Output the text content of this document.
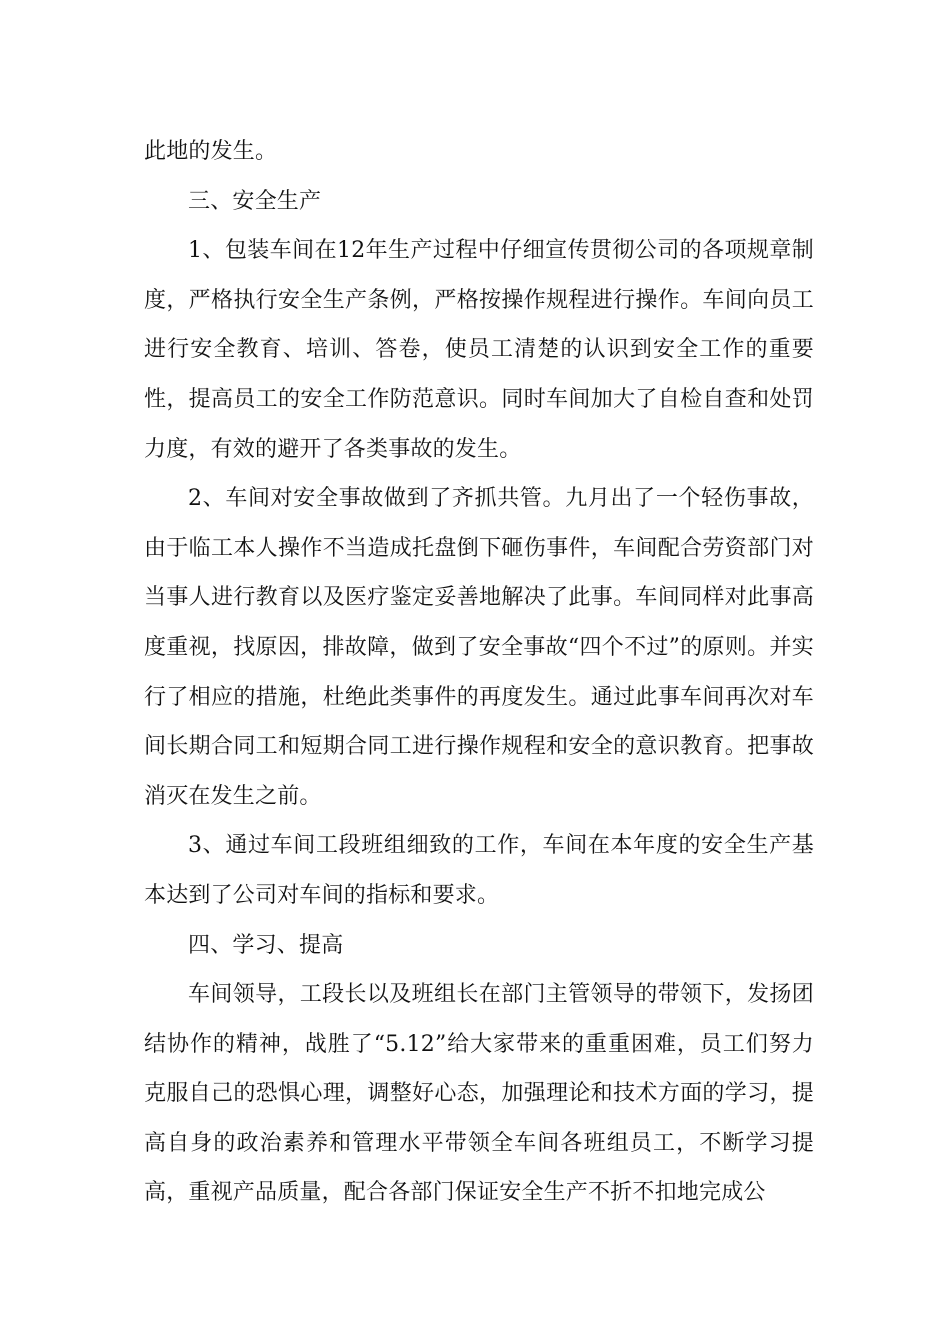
此地的发生。

三、安全生产

1、包装车间在12年生产过程中仔细宣传贯彻公司的各项规章制度，严格执行安全生产条例，严格按操作规程进行操作。车间向员工进行安全教育、培训、答卷，使员工清楚的认识到安全工作的重要性，提高员工的安全工作防范意识。同时车间加大了自检自查和处罚力度，有效的避开了各类事故的发生。

2、车间对安全事故做到了齐抓共管。九月出了一个轻伤事故，由于临工本人操作不当造成托盘倒下砸伤事件，车间配合劳资部门对当事人进行教育以及医疗鉴定妥善地解决了此事。车间同样对此事高度重视，找原因，排故障，做到了安全事故“四个不过”的原则。并实行了相应的措施，杜绝此类事件的再度发生。通过此事车间再次对车间长期合同工和短期合同工进行操作规程和安全的意识教育。把事故消灭在发生之前。

3、通过车间工段班组细致的工作，车间在本年度的安全生产基本达到了公司对车间的指标和要求。

四、学习、提高

车间领导，工段长以及班组长在部门主管领导的带领下，发扬团结协作的精神，战胜了“5.12”给大家带来的重重困难，员工们努力克服自己的恐惧心理，调整好心态，加强理论和技术方面的学习，提高自身的政治素养和管理水平带领全车间各班组员工，不断学习提高，重视产品质量，配合各部门保证安全生产不折不扣地完成公
